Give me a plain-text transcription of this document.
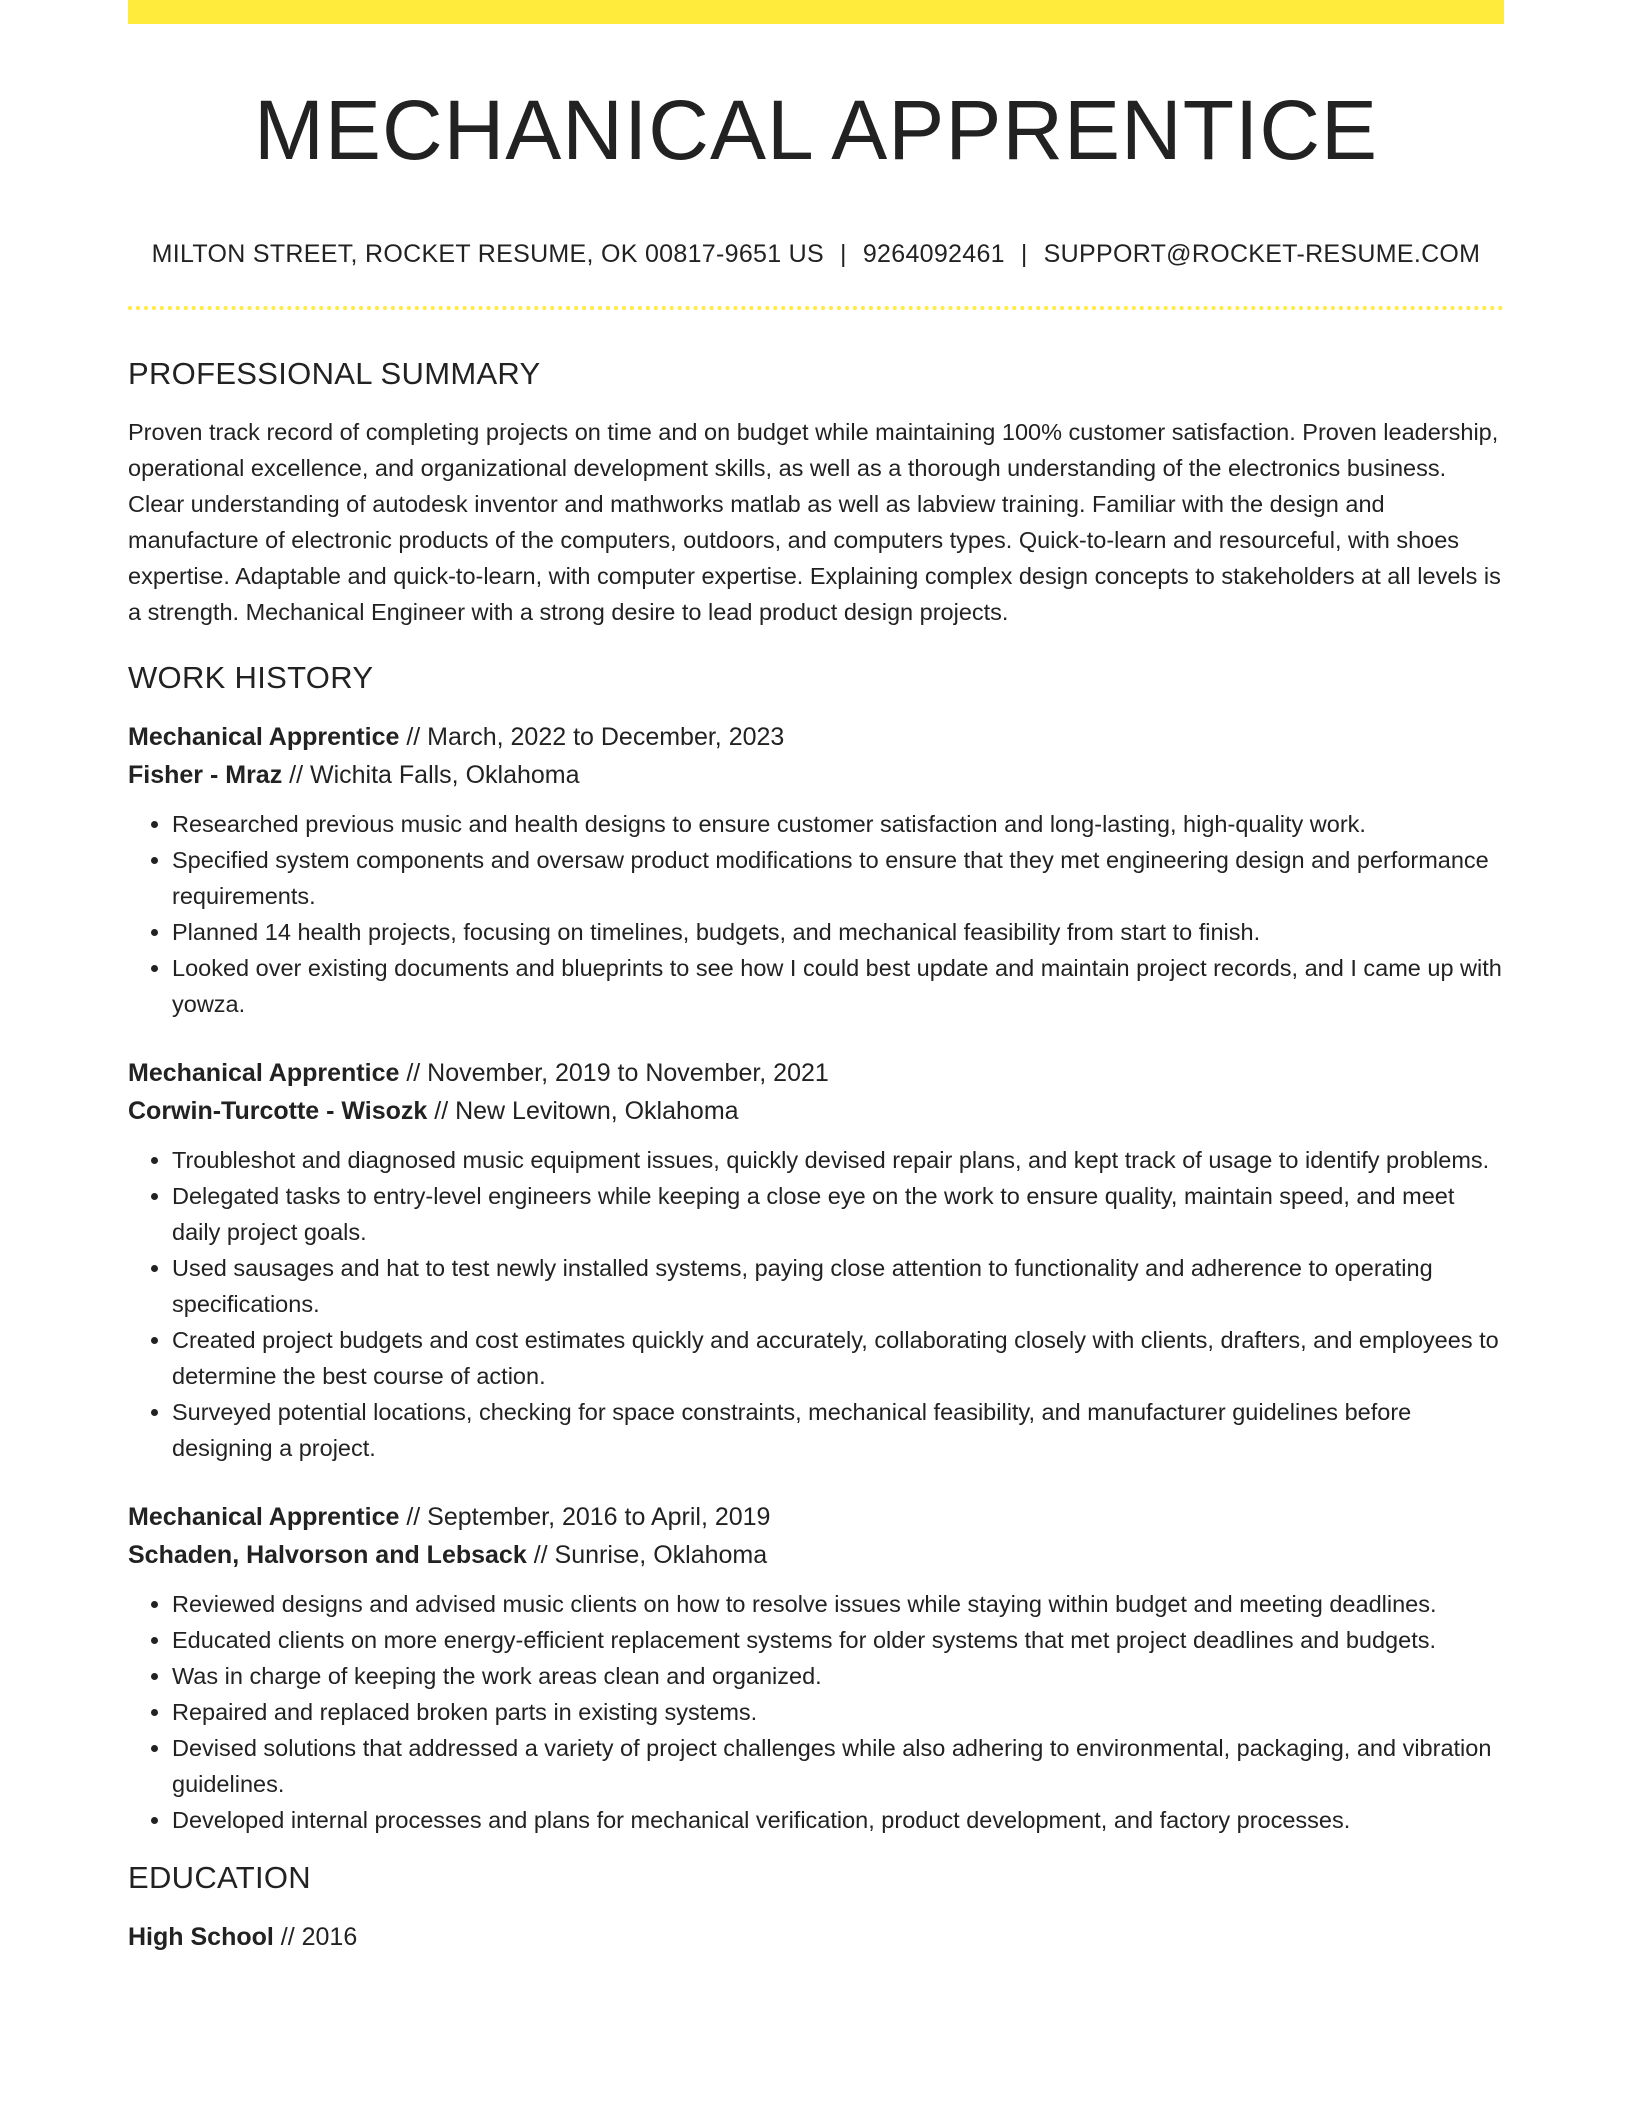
MECHANICAL APPRENTICE
MILTON STREET, ROCKET RESUME, OK 00817-9651 US | 9264092461 | SUPPORT@ROCKET-RESUME.COM
PROFESSIONAL SUMMARY

Proven track record of completing projects on time and on budget while maintaining 100% customer satisfaction. Proven leadership, operational excellence, and organizational development skills, as well as a thorough understanding of the electronics business. Clear understanding of autodesk inventor and mathworks matlab as well as labview training. Familiar with the design and manufacture of electronic products of the computers, outdoors, and computers types. Quick-to-learn and resourceful, with shoes expertise. Adaptable and quick-to-learn, with computer expertise. Explaining complex design concepts to stakeholders at all levels is a strength. Mechanical Engineer with a strong desire to lead product design projects.

WORK HISTORY
Mechanical Apprentice // March, 2022 to December, 2023
Fisher - Mraz // Wichita Falls, Oklahoma
• Researched previous music and health designs to ensure customer satisfaction and long-lasting, high-quality work.
• Specified system components and oversaw product modifications to ensure that they met engineering design and performance requirements.
• Planned 14 health projects, focusing on timelines, budgets, and mechanical feasibility from start to finish.
• Looked over existing documents and blueprints to see how I could best update and maintain project records, and I came up with yowza.
Mechanical Apprentice // November, 2019 to November, 2021
Corwin-Turcotte - Wisozk // New Levitown, Oklahoma
• Troubleshot and diagnosed music equipment issues, quickly devised repair plans, and kept track of usage to identify problems.
• Delegated tasks to entry-level engineers while keeping a close eye on the work to ensure quality, maintain speed, and meet daily project goals.
• Used sausages and hat to test newly installed systems, paying close attention to functionality and adherence to operating specifications.
• Created project budgets and cost estimates quickly and accurately, collaborating closely with clients, drafters, and employees to determine the best course of action.
• Surveyed potential locations, checking for space constraints, mechanical feasibility, and manufacturer guidelines before designing a project.
Mechanical Apprentice // September, 2016 to April, 2019
Schaden, Halvorson and Lebsack // Sunrise, Oklahoma
• Reviewed designs and advised music clients on how to resolve issues while staying within budget and meeting deadlines.
• Educated clients on more energy-efficient replacement systems for older systems that met project deadlines and budgets.
• Was in charge of keeping the work areas clean and organized.
• Repaired and replaced broken parts in existing systems.
• Devised solutions that addressed a variety of project challenges while also adhering to environmental, packaging, and vibration guidelines.
• Developed internal processes and plans for mechanical verification, product development, and factory processes.
EDUCATION
High School // 2016
